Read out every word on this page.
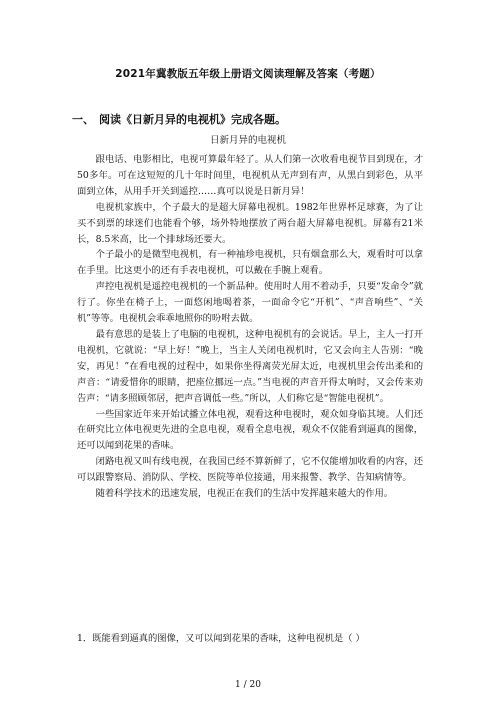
2021年冀教版五年级上册语文阅读理解及答案（考题）
一、 阅读《日新月异的电视机》完成各题。
日新月异的电视机

跟电话、电影相比，电视可算最年轻了。从人们第一次收看电视节目到现在，才50多年。可在这短短的几十年时间里，电视机从无声到有声，从黑白到彩色，从平面到立体，从用手开关到遥控……真可以说是日新月异！

电视机家族中，个子最大的是超大屏幕电视机。1982年世界杯足球赛，为了让买不到票的球迷们也能看个够，场外特地摆放了两台超大屏幕电视机。屏幕有21米长，8.5米高，比一个排球场还要大。

个子最小的是微型电视机，有一种袖珍电视机，只有烟盒那么大，观看时可以拿在手里。比这更小的还有手表电视机，可以戴在手腕上观看。

声控电视机是遥控电视机的一个新品种。使用时人用不着动手，只要“发命令”就行了。你坐在椅子上，一面悠闲地喝着茶，一面命令它“开机”、“声音响些”、“关机”等等。电视机会乖乖地照你的吩咐去做。

最有意思的是装上了电脑的电视机，这种电视机有的会说话。早上，主人一打开电视机，它就说：“早上好！”晚上，当主人关闭电视机时，它又会向主人告别：“晚安，再见！”在看电视的过程中，如果你坐得离荧光屏太近，电视机里会传出柔和的声音：“请爱惜你的眼睛，把座位挪远一点。”当电视的声音开得太响时，又会传来劝告声：“请多照顾邻居，把声音调低一些。”所以，人们称它是“智能电视机”。

一些国家近年来开始试播立体电视，观看这种电视时，观众如身临其境。人们还在研究比立体电视更先进的全息电视，观看全息电视，观众不仅能看到逼真的图像，还可以闻到花果的香味。

闭路电视又叫有线电视，在我国已经不算新鲜了，它不仅能增加收看的内容，还可以跟警察局、消防队、学校、医院等单位接通，用来报警、教学、告知病情等。

随着科学技术的迅速发展，电视正在我们的生活中发挥越来越大的作用。

1．既能看到逼真的图像，又可以闻到花果的香味，这种电视机是（ ）
1 / 20
